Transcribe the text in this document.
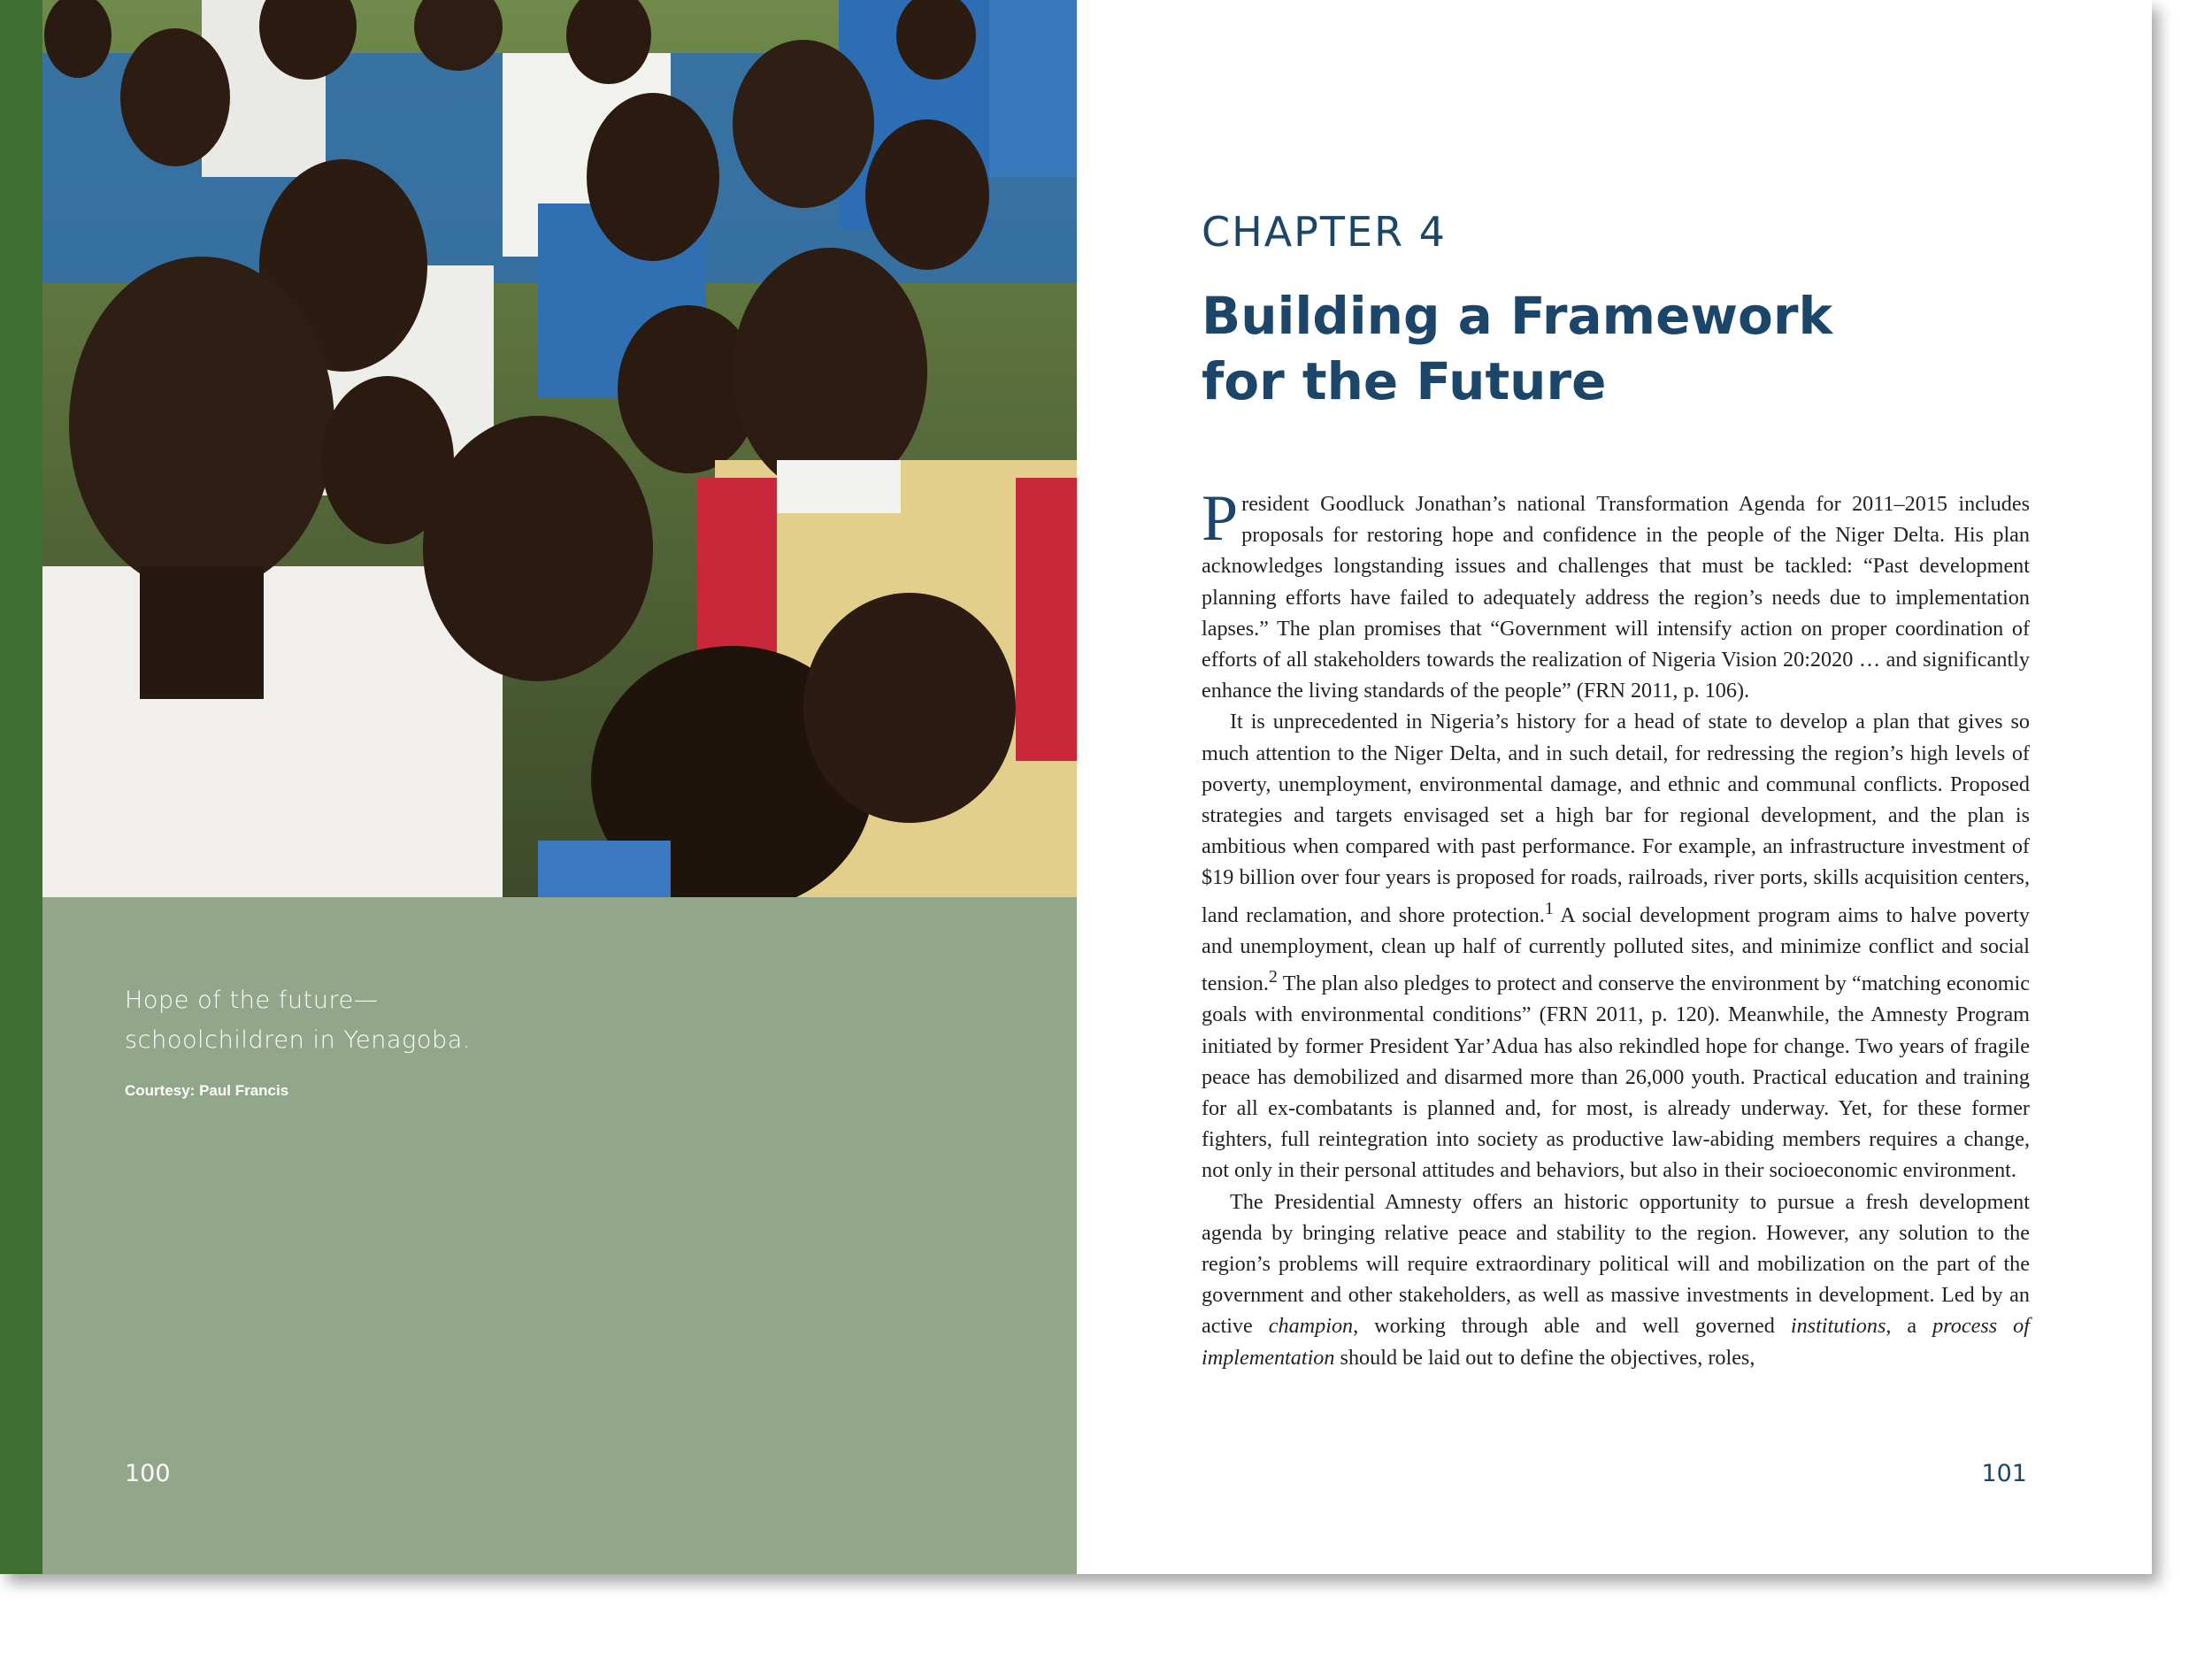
Hope of the future—
schoolchildren in Yenagoba.
Courtesy: Paul Francis
100
CHAPTER 4
Building a Framework
for the Future

President Goodluck Jonathan’s national Transformation Agenda for 2011–2015 includes proposals for restoring hope and confidence in the people of the Niger Delta. His plan acknowledges longstanding issues and challenges that must be tackled: “Past development planning efforts have failed to adequately address the region’s needs due to implementation lapses.” The plan promises that “Government will intensify action on proper coordination of efforts of all stakeholders towards the realization of Nigeria Vision 20:2020 … and significantly enhance the living standards of the people” (FRN 2011, p. 106).

It is unprecedented in Nigeria’s history for a head of state to develop a plan that gives so much attention to the Niger Delta, and in such detail, for redressing the region’s high levels of poverty, unemployment, environmental damage, and ethnic and communal conflicts. Proposed strategies and targets envisaged set a high bar for regional development, and the plan is ambitious when compared with past performance. For example, an infrastructure investment of $19 billion over four years is proposed for roads, railroads, river ports, skills acquisition centers, land reclamation, and shore protection.$^1$ A social development program aims to halve poverty and unemployment, clean up half of currently polluted sites, and minimize conflict and social tension.$^2$ The plan also pledges to protect and conserve the environment by “matching economic goals with environmental conditions” (FRN 2011, p. 120). Meanwhile, the Amnesty Program initiated by former President Yar’Adua has also rekindled hope for change. Two years of fragile peace has demobilized and disarmed more than 26,000 youth. Practical education and training for all ex-combatants is planned and, for most, is already underway. Yet, for these former fighters, full reintegration into society as productive law-abiding members requires a change, not only in their personal attitudes and behaviors, but also in their socioeconomic environment.

The Presidential Amnesty offers an historic opportunity to pursue a fresh development agenda by bringing relative peace and stability to the region. However, any solution to the region’s problems will require extraordinary political will and mobilization on the part of the government and other stakeholders, as well as massive investments in development. Led by an active champion, working through able and well governed institutions, a process of implementation should be laid out to define the objectives, roles,

101
